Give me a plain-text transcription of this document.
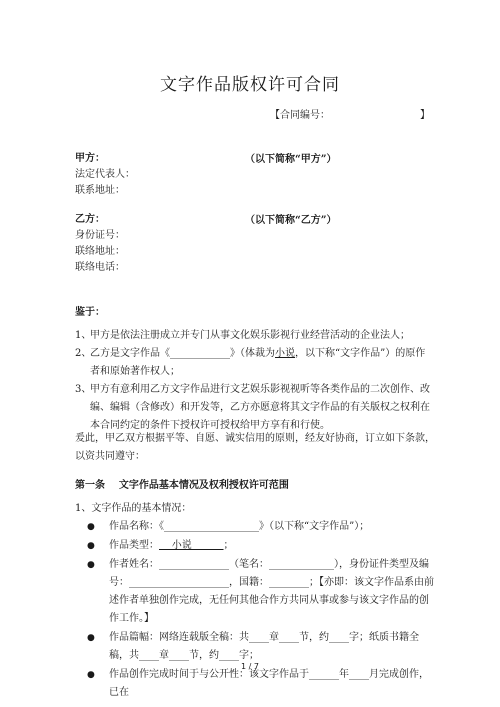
文字作品版权许可合同
【合同编号：	】
甲方：	（以下简称“甲方”）
法定代表人：
联系地址：
乙方：	（以下简称“乙方”）
身份证号：
联络地址：
联络电话：
鉴于：
1、
甲方是依法注册成立并专门从事文化娱乐影视行业经营活动的企业法人；
2、
乙方是文字作品《____________》（体裁为小说，以下称“文字作品”）的原作者和原始著作权人；
3、
甲方有意利用乙方文字作品进行文艺娱乐影视视听等各类作品的二次创作、改编、编辑（含修改）和开发等，乙方亦愿意将其文字作品的有关版权之权利在本合同约定的条件下授权许可授权给甲方享有和行使。
爰此，甲乙双方根据平等、自愿、诚实信用的原则，经友好协商，订立如下条款，以资共同遵守：
第一条    文字作品基本情况及权利授权许可范围
1、文字作品的基本情况：
● 作品名称：《___________________》（以下称“文字作品”）；
● 作品类型：    小说          ；
● 作者姓名：______________（笔名：_____________），身份证件类型及编号：____________________，国籍：________；【亦即：该文字作品系由前述作者单独创作完成，无任何其他合作方共同从事或参与该文字作品的创作工作。】
● 作品篇幅：网络连载版全稿：共____章____节，约____字；纸质书籍全稿，共____章____节，约____字；
● 作品创作完成时间于与公开性：该文字作品于______年____月完成创作，已在
1 / 7
